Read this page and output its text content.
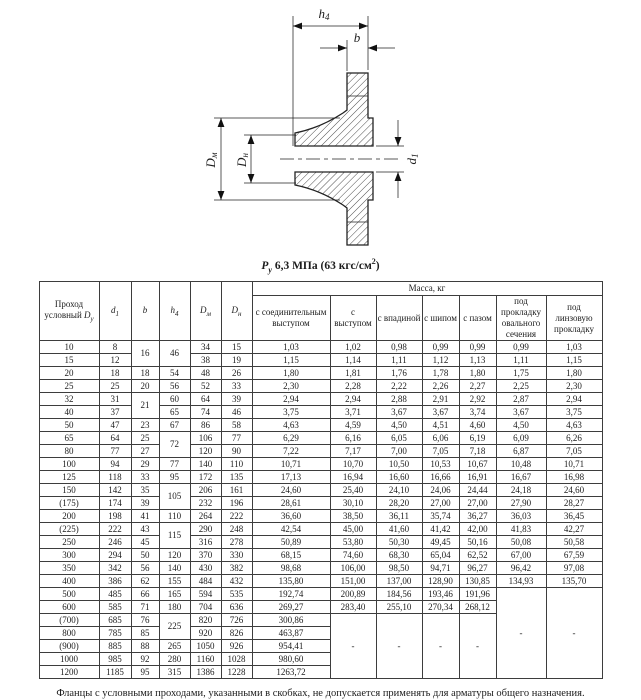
h4
b
Dм
Dн
d1
$Р_у$ 6,3 МПа (63 кгс/$см^2$)
Проход
условный $D_у$	$d_1$	b	$h_4$	$D_м$	$D_н$	Масса, кг						
						с соединительным выступом	с выступом	с впадиной	с шипом	с пазом	под прокладку овального сечения	под линзовую прокладку
10	8	16	46	34	15	1,03	1,02	0,98	0,99	0,99	0,99	1,03
15	12			38	19	1,15	1,14	1,11	1,12	1,13	1,11	1,15
20	18	18	54	48	26	1,80	1,81	1,76	1,78	1,80	1,75	1,80
25	25	20	56	52	33	2,30	2,28	2,22	2,26	2,27	2,25	2,30
32	31	21	60	64	39	2,94	2,94	2,88	2,91	2,92	2,87	2,94
40	37		65	74	46	3,75	3,71	3,67	3,67	3,74	3,67	3,75
50	47	23	67	86	58	4,63	4,59	4,50	4,51	4,60	4,50	4,63
65	64	25	72	106	77	6,29	6,16	6,05	6,06	6,19	6,09	6,26
80	77	27		120	90	7,22	7,17	7,00	7,05	7,18	6,87	7,05
100	94	29	77	140	110	10,71	10,70	10,50	10,53	10,67	10,48	10,71
125	118	33	95	172	135	17,13	16,94	16,60	16,66	16,91	16,67	16,98
150	142	35	105	206	161	24,60	25,40	24,10	24,06	24,44	24,18	24,60
(175)	174	39		232	196	28,61	30,10	28,20	27,00	27,00	27,90	28,27
200	198	41	110	264	222	36,60	38,50	36,11	35,74	36,27	36,03	36,45
(225)	222	43	115	290	248	42,54	45,00	41,60	41,42	42,00	41,83	42,27
250	246	45		316	278	50,89	53,80	50,30	49,45	50,16	50,08	50,58
300	294	50	120	370	330	68,15	74,60	68,30	65,04	62,52	67,00	67,59
350	342	56	140	430	382	98,68	106,00	98,50	94,71	96,27	96,42	97,08
400	386	62	155	484	432	135,80	151,00	137,00	128,90	130,85	134,93	135,70
500	485	66	165	594	535	192,74	200,89	184,56	193,46	191,96	-	-
600	585	71	180	704	636	269,27	283,40	255,10	270,34	268,12		
(700)	685	76	225	820	726	300,86	-	-	-	-		
800	785	85		920	826	463,87						
(900)	885	88	265	1050	926	954,41						
1000	985	92	280	1160	1028	980,60						
1200	1185	95	315	1386	1228	1263,72						
Фланцы с условными проходами, указанными в скобках, не допускается применять для арматуры общего назначения.
